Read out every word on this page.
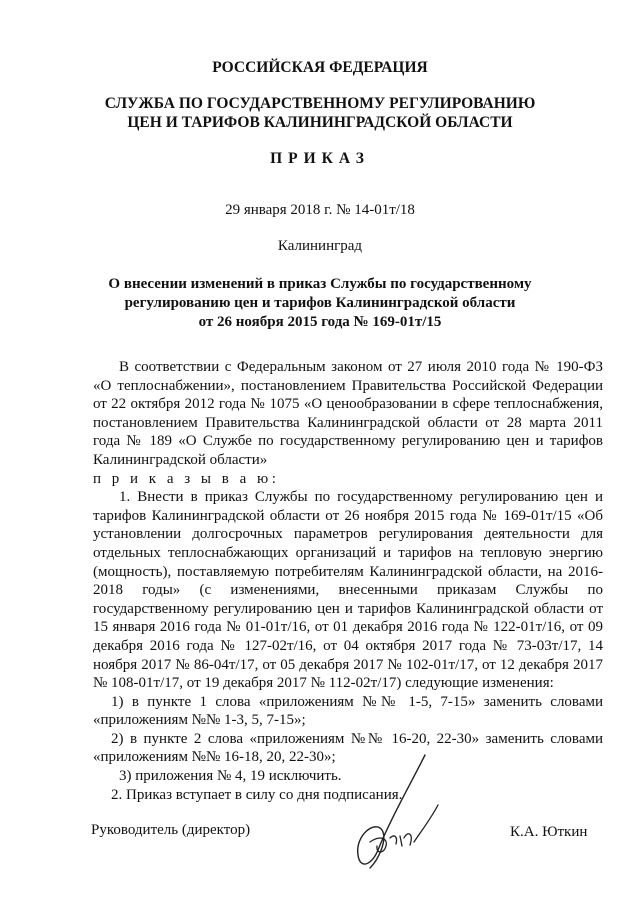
РОССИЙСКАЯ ФЕДЕРАЦИЯ
СЛУЖБА ПО ГОСУДАРСТВЕННОМУ РЕГУЛИРОВАНИЮ
ЦЕН И ТАРИФОВ КАЛИНИНГРАДСКОЙ ОБЛАСТИ
ПРИКАЗ
29 января 2018 г. № 14-01т/18
Калининград
О внесении изменений в приказ Службы по государственному
регулированию цен и тарифов Калининградской области
от 26 ноября 2015 года № 169-01т/15

В соответствии с Федеральным законом от 27 июля 2010 года № 190-ФЗ «О теплоснабжении», постановлением Правительства Российской Федерации от 22 октября 2012 года № 1075 «О ценообразовании в сфере теплоснабжения, постановлением Правительства Калининградской области от 28 марта 2011 года № 189 «О Службе по государственному регулированию цен и тарифов Калининградской области»

п р и к а з ы в а ю:

1. Внести в приказ Службы по государственному регулированию цен и тарифов Калининградской области от 26 ноября 2015 года № 169-01т/15 «Об установлении долгосрочных параметров регулирования деятельности для отдельных теплоснабжающих организаций и тарифов на тепловую энергию (мощность), поставляемую потребителям Калининградской области, на 2016-2018 годы» (с изменениями, внесенными приказам Службы по государственному регулированию цен и тарифов Калининградской области от 15 января 2016 года № 01-01т/16, от 01 декабря 2016 года № 122-01т/16, от 09 декабря 2016 года № 127-02т/16, от 04 октября 2017 года № 73-03т/17, 14 ноября 2017 № 86-04т/17, от 05 декабря 2017 № 102-01т/17, от 12 декабря 2017 № 108-01т/17, от 19 декабря 2017 № 112-02т/17) следующие изменения:

1) в пункте 1 слова «приложениям №№ 1-5, 7-15» заменить словами «приложениям №№ 1-3, 5, 7-15»;

2) в пункте 2 слова «приложениям №№ 16-20, 22-30» заменить словами «приложениям №№ 16-18, 20, 22-30»;

3) приложения № 4, 19 исключить.

2. Приказ вступает в силу со дня подписания.

Руководитель (директор)	К.А. Юткин
